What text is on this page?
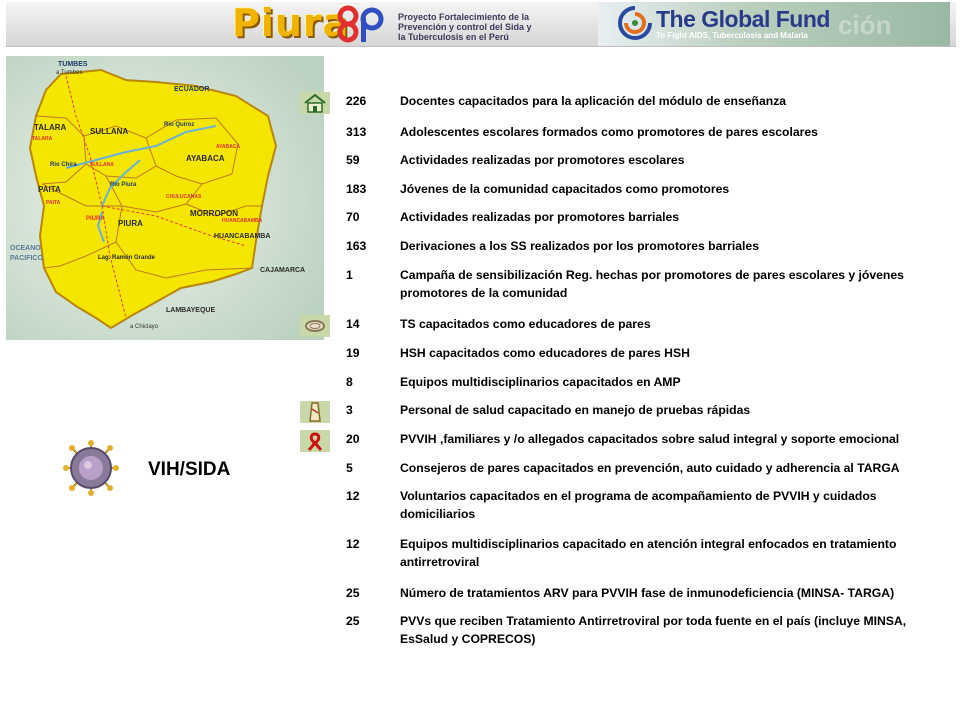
Piura	Proyecto Fortalecimiento de la
Prevención y control del Sida y
la Tuberculosis en el Perú
The Global Fund
To Fight AIDS, Tuberculosis and Malaria ción
TUMBES
a Tumbes
ECUADOR
TALARA
TALARA
SULLANA
SULLANA
AYABACA
AYABACA
Rio Chira
Rio Quiroz
PAITA
PAITA
CHULUCANAS
MORROPON
HUANCABAMBA
HUANCABAMBA
PIURA
PIURA
Rio Piura
OCEANO
PACIFICO	Lag. Ramón Grande
CAJAMARCA
LAMBAYEQUE
a Chiclayo
VIH/SIDA
226	Docentes capacitados para la aplicación del módulo de enseñanza
313	Adolescentes escolares formados como promotores de pares escolares
59	Actividades realizadas por promotores escolares
183	Jóvenes de la comunidad capacitados como promotores
70	Actividades realizadas por promotores barriales
163	Derivaciones a los SS realizados por los promotores barriales
1	Campaña de sensibilización Reg. hechas por promotores de pares escolares y jóvenes promotores de la comunidad
14	TS capacitados como educadores de pares
19	HSH capacitados como educadores de pares HSH
8	Equipos multidisciplinarios capacitados en AMP
3	Personal de salud capacitado en manejo de pruebas rápidas
20	PVVIH ,familiares y /o allegados capacitados sobre salud integral y soporte emocional
5	Consejeros de pares capacitados en prevención, auto cuidado y adherencia al TARGA
12	Voluntarios capacitados en el programa de acompañamiento de PVVIH y cuidados domiciliarios
12	Equipos multidisciplinarios capacitado en atención integral enfocados en tratamiento antirretroviral
25	Número de tratamientos ARV para PVVIH fase de inmunodeficiencia (MINSA- TARGA)
25	PVVs que reciben Tratamiento Antirretroviral por toda fuente en el país (incluye MINSA, EsSalud y COPRECOS)
